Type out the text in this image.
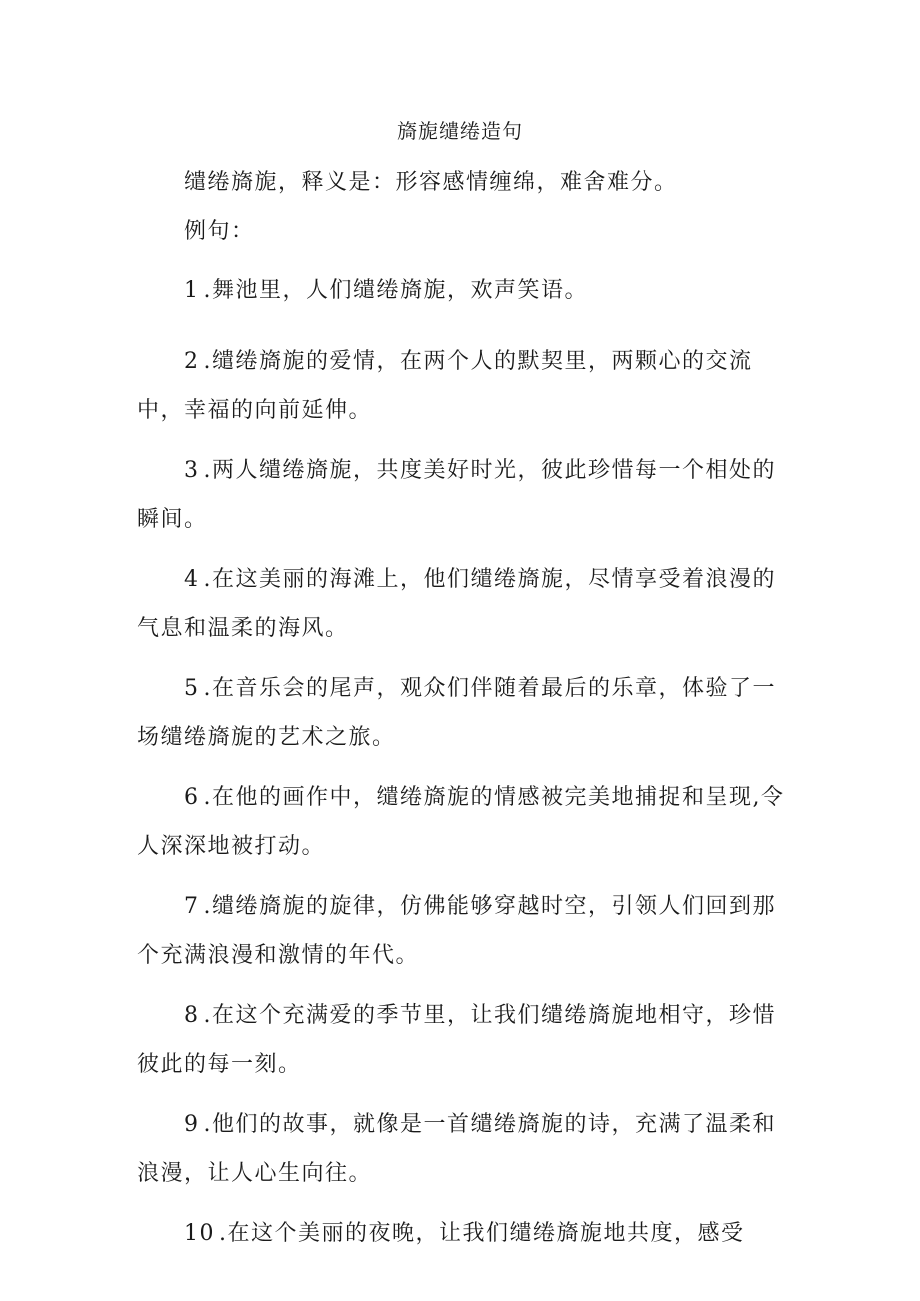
旖旎缱绻造句

缱绻旖旎，释义是：形容感情缠绵，难舍难分。

例句：

1 .舞池里，人们缱绻旖旎，欢声笑语。
2 .缱绻旖旎的爱情，在两个人的默契里，两颗心的交流中，幸福的向前延伸。
3 .两人缱绻旖旎，共度美好时光，彼此珍惜每一个相处的瞬间。
4 .在这美丽的海滩上，他们缱绻旖旎，尽情享受着浪漫的气息和温柔的海风。
5 .在音乐会的尾声，观众们伴随着最后的乐章，体验了一场缱绻旖旎的艺术之旅。
6 .在他的画作中，缱绻旖旎的情感被完美地捕捉和呈现,令人深深地被打动。
7 .缱绻旖旎的旋律，仿佛能够穿越时空，引领人们回到那个充满浪漫和激情的年代。
8 .在这个充满爱的季节里，让我们缱绻旖旎地相守，珍惜彼此的每一刻。
9 .他们的故事，就像是一首缱绻旖旎的诗，充满了温柔和浪漫，让人心生向往。
10 .在这个美丽的夜晚，让我们缱绻旖旎地共度，感受
